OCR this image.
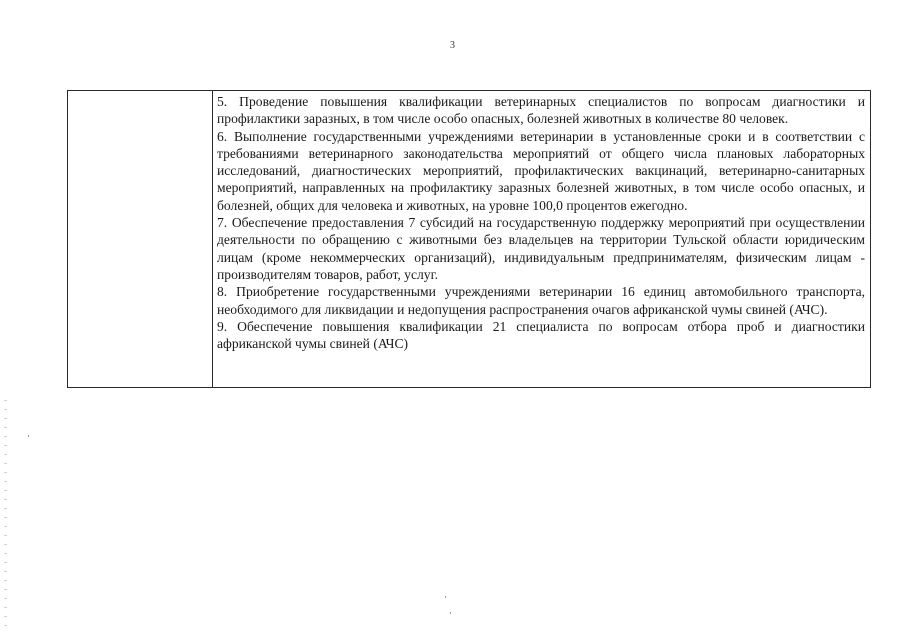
3

5. Проведение повышения квалификации ветеринарных специалистов по вопросам диагностики и профилактики заразных, в том числе особо опасных, болезней животных в количестве 80 человек.

6. Выполнение государственными учреждениями ветеринарии в установленные сроки и в соответствии с требованиями ветеринарного законодательства мероприятий от общего числа плановых лабораторных исследований, диагностических мероприятий, профилактических вакцинаций, ветеринарно-санитарных мероприятий, направленных на профилактику заразных болезней животных, в том числе особо опасных, и болезней, общих для человека и животных, на уровне 100,0 процентов ежегодно.

7. Обеспечение предоставления 7 субсидий на государственную поддержку мероприятий при осуществлении деятельности по обращению с животными без владельцев на территории Тульской области юридическим лицам (кроме некоммерческих организаций), индивидуальным предпринимателям, физическим лицам - производителям товаров, работ, услуг.

8. Приобретение государственными учреждениями ветеринарии 16 единиц автомобильного транспорта, необходимого для ликвидации и недопущения распространения очагов африканской чумы свиней (АЧС).

9. Обеспечение повышения квалификации 21 специалиста по вопросам отбора проб и диагностики африканской чумы свиней (АЧС)
